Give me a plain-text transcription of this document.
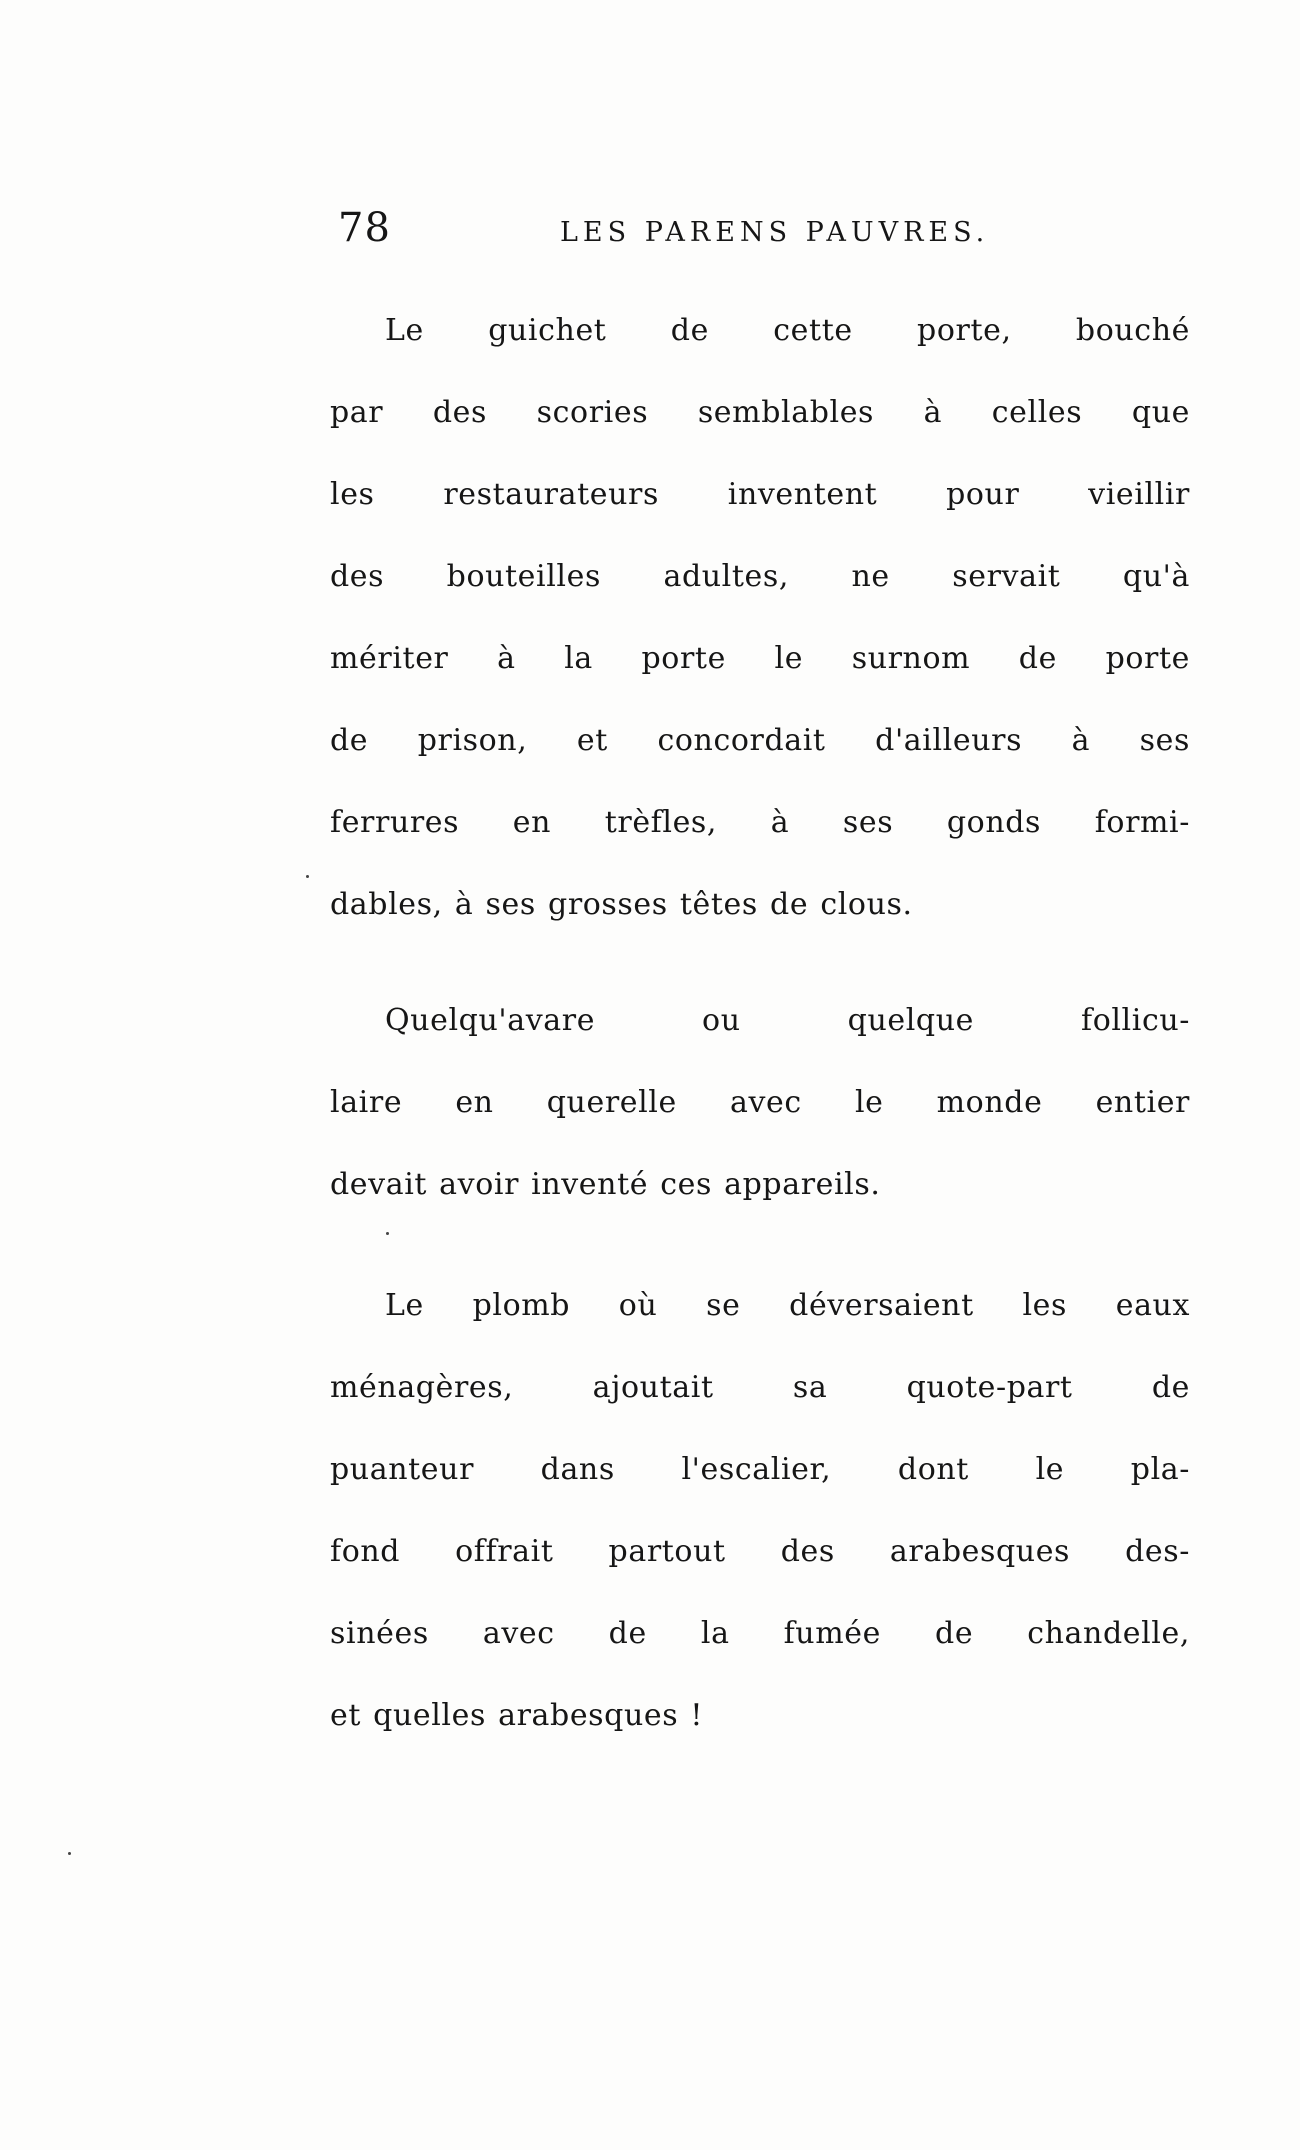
78	LES PARENS PAUVRES.

Le guichet de cette porte, bouché
par des scories semblables à celles que
les restaurateurs inventent pour vieillir
des bouteilles adultes, ne servait qu'à
mériter à la porte le surnom de porte
de prison, et concordait d'ailleurs à ses
ferrures en trèfles, à ses gonds formi-
dables, à ses grosses têtes de clous.

Quelqu'avare ou quelque follicu-
laire en querelle avec le monde entier
devait avoir inventé ces appareils.

Le plomb où se déversaient les eaux
ménagères, ajoutait sa quote-part de
puanteur dans l'escalier, dont le pla-
fond offrait partout des arabesques des-
sinées avec de la fumée de chandelle,
et quelles arabesques !
